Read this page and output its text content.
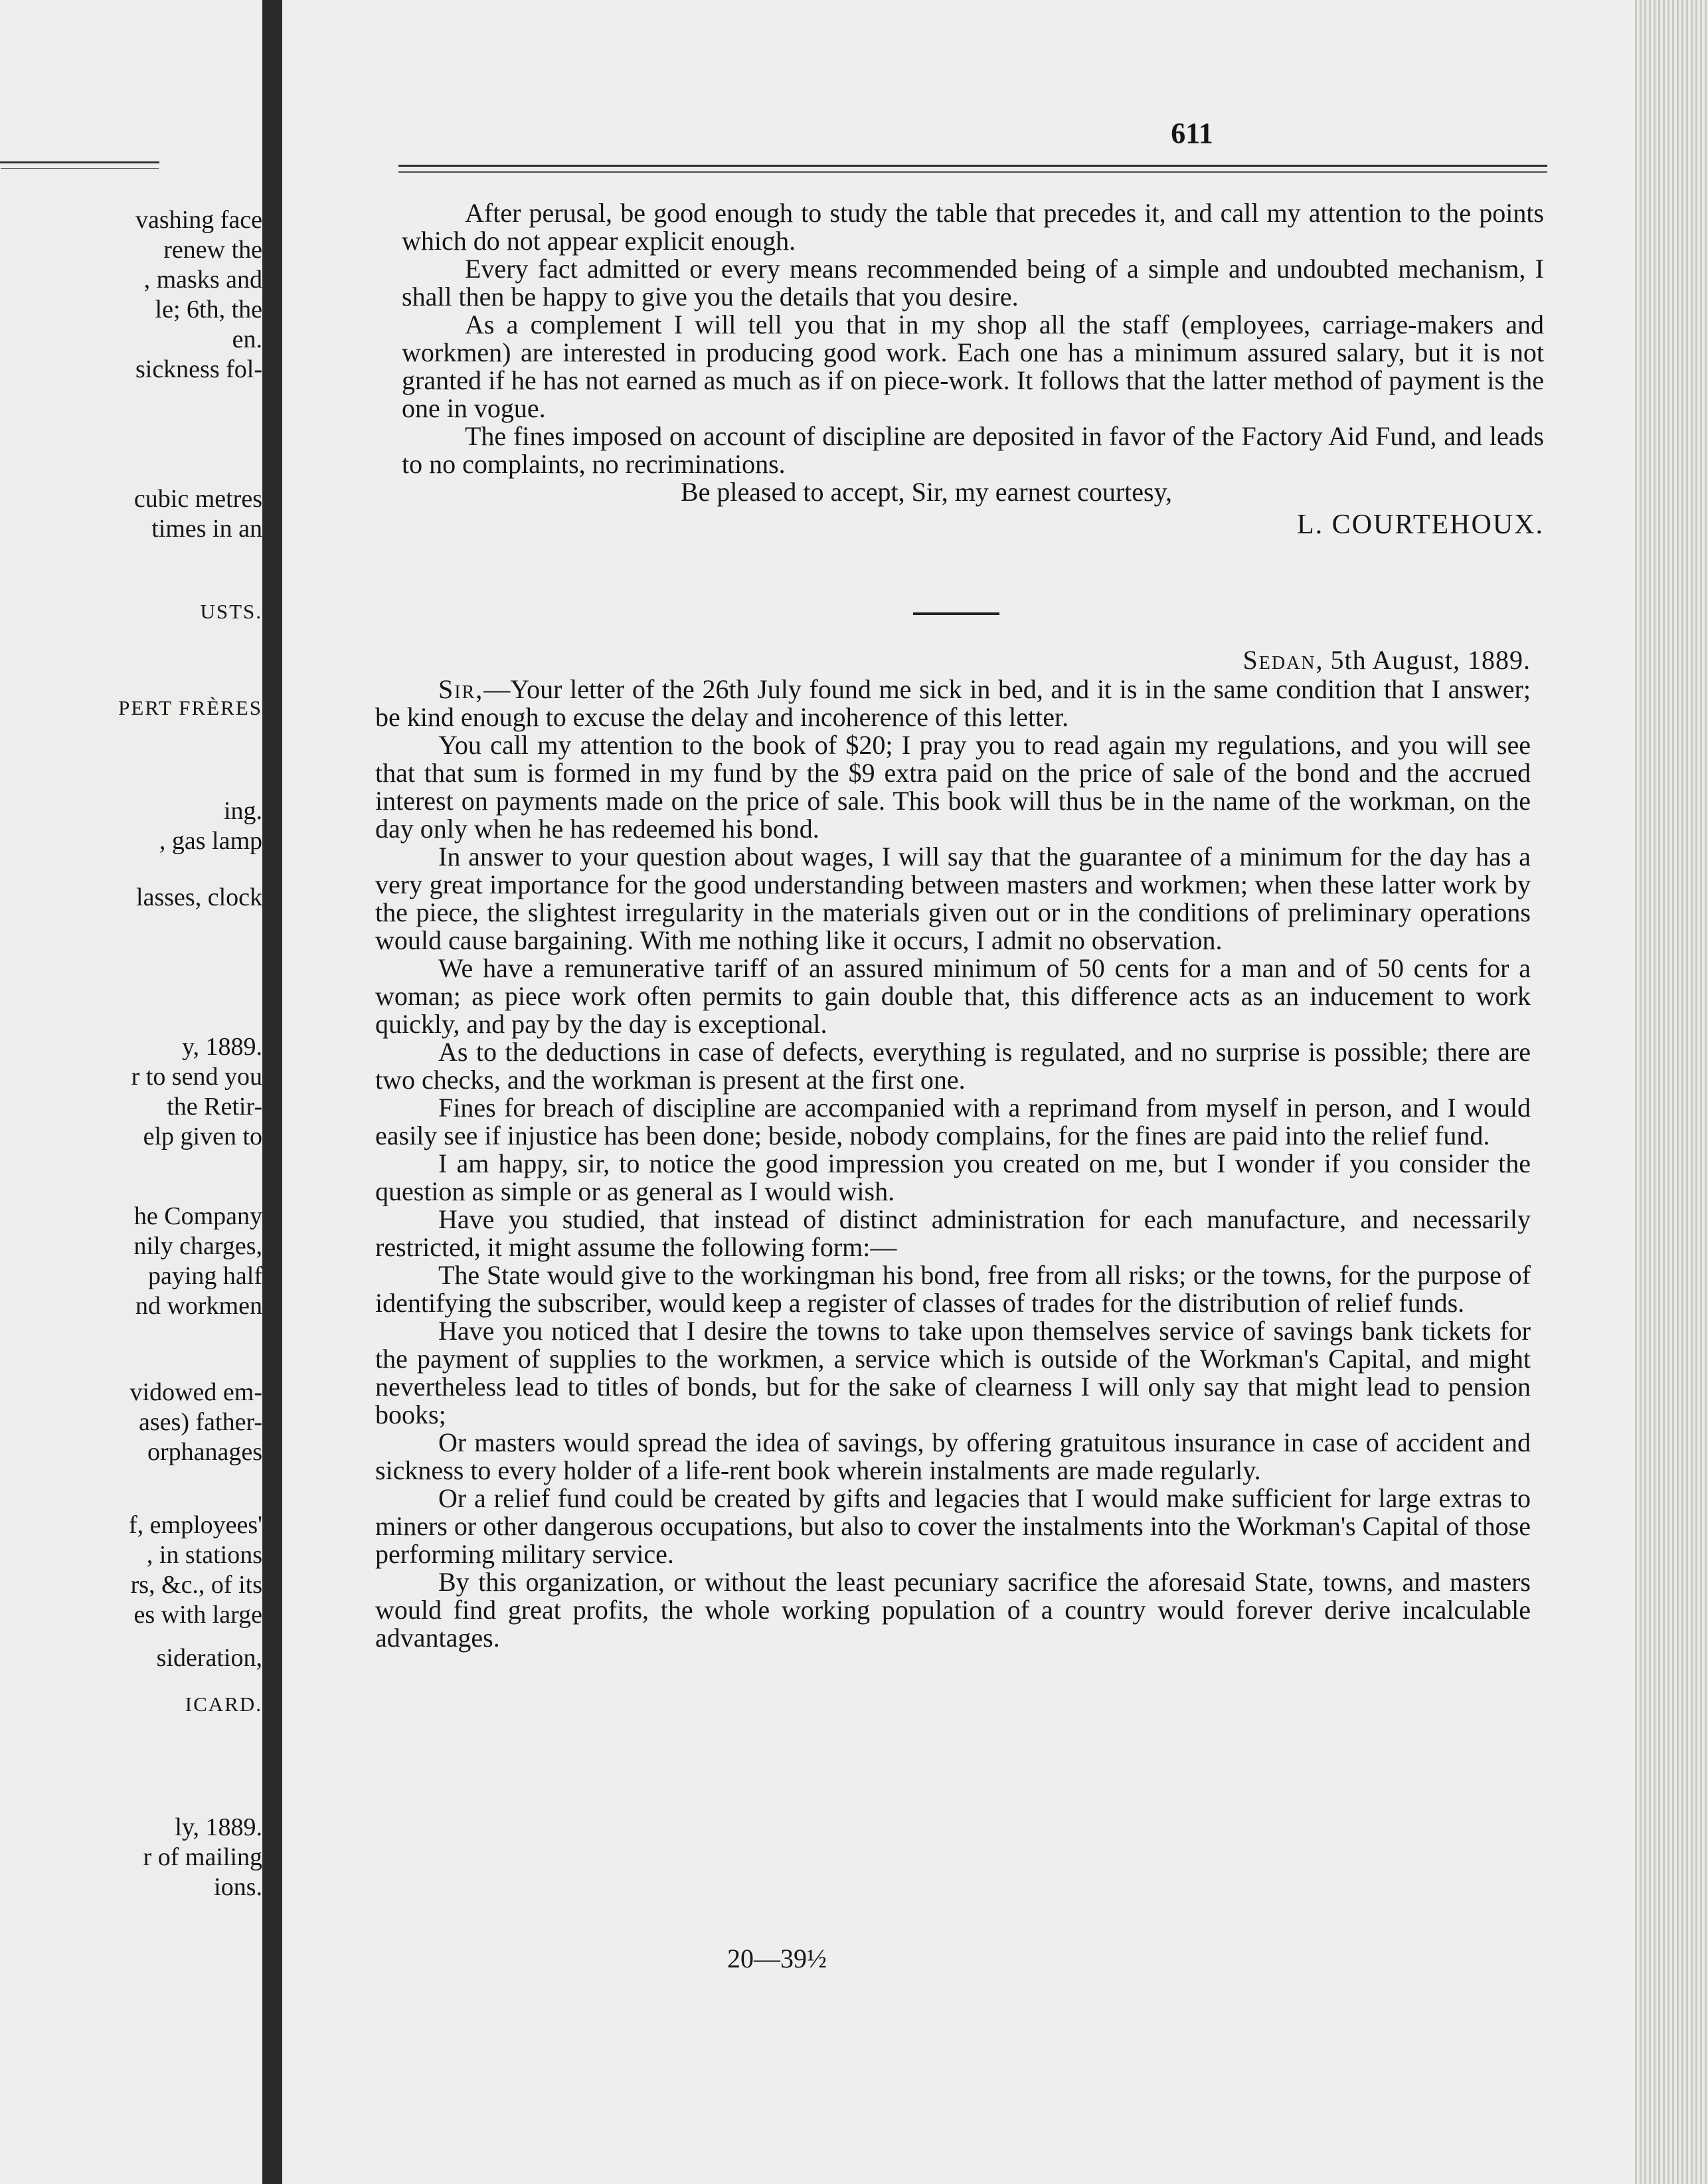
vashing face
renew the
, masks and
le; 6th, the
en.
sickness fol-
cubic metres
times in an
USTS.
PERT FRÈRES
ing.
, gas lamp
lasses, clock
y, 1889.
r to send you
the Retir-
elp given to
he Company
nily charges,
paying half
nd workmen
vidowed em-
ases) father-
orphanages
f, employees'
, in stations
rs, &c., of its
es with large
sideration,
ICARD.
ly, 1889.
r of mailing
ions.
611

After perusal, be good enough to study the table that precedes it, and call my attention to the points which do not appear explicit enough.

Every fact admitted or every means recommended being of a simple and undoubted mechanism, I shall then be happy to give you the details that you desire.

As a complement I will tell you that in my shop all the staff (employees, carriage-makers and workmen) are interested in producing good work. Each one has a minimum assured salary, but it is not granted if he has not earned as much as if on piece-work. It follows that the latter method of payment is the one in vogue.

The fines imposed on account of discipline are deposited in favor of the Factory Aid Fund, and leads to no complaints, no recriminations.

Be pleased to accept, Sir, my earnest courtesy,

L. COURTEHOUX.

Sedan, 5th August, 1889.

Sir,—Your letter of the 26th July found me sick in bed, and it is in the same condition that I answer; be kind enough to excuse the delay and incoherence of this letter.

You call my attention to the book of $20; I pray you to read again my regulations, and you will see that that sum is formed in my fund by the $9 extra paid on the price of sale of the bond and the accrued interest on payments made on the price of sale. This book will thus be in the name of the workman, on the day only when he has redeemed his bond.

In answer to your question about wages, I will say that the guarantee of a minimum for the day has a very great importance for the good understanding between masters and workmen; when these latter work by the piece, the slightest irregularity in the materials given out or in the conditions of preliminary operations would cause bargaining. With me nothing like it occurs, I admit no observation.

We have a remunerative tariff of an assured minimum of 50 cents for a man and of 50 cents for a woman; as piece work often permits to gain double that, this difference acts as an inducement to work quickly, and pay by the day is exceptional.

As to the deductions in case of defects, everything is regulated, and no surprise is possible; there are two checks, and the workman is present at the first one.

Fines for breach of discipline are accompanied with a reprimand from myself in person, and I would easily see if injustice has been done; beside, nobody complains, for the fines are paid into the relief fund.

I am happy, sir, to notice the good impression you created on me, but I wonder if you consider the question as simple or as general as I would wish.

Have you studied, that instead of distinct administration for each manufacture, and necessarily restricted, it might assume the following form:—

The State would give to the workingman his bond, free from all risks; or the towns, for the purpose of identifying the subscriber, would keep a register of classes of trades for the distribution of relief funds.

Have you noticed that I desire the towns to take upon themselves service of savings bank tickets for the payment of supplies to the workmen, a service which is outside of the Workman's Capital, and might nevertheless lead to titles of bonds, but for the sake of clearness I will only say that might lead to pension books;

Or masters would spread the idea of savings, by offering gratuitous insurance in case of accident and sickness to every holder of a life-rent book wherein instalments are made regularly.

Or a relief fund could be created by gifts and legacies that I would make sufficient for large extras to miners or other dangerous occupations, but also to cover the instalments into the Workman's Capital of those performing military service.

By this organization, or without the least pecuniary sacrifice the aforesaid State, towns, and masters would find great profits, the whole working population of a country would forever derive incalculable advantages.

20—39½
